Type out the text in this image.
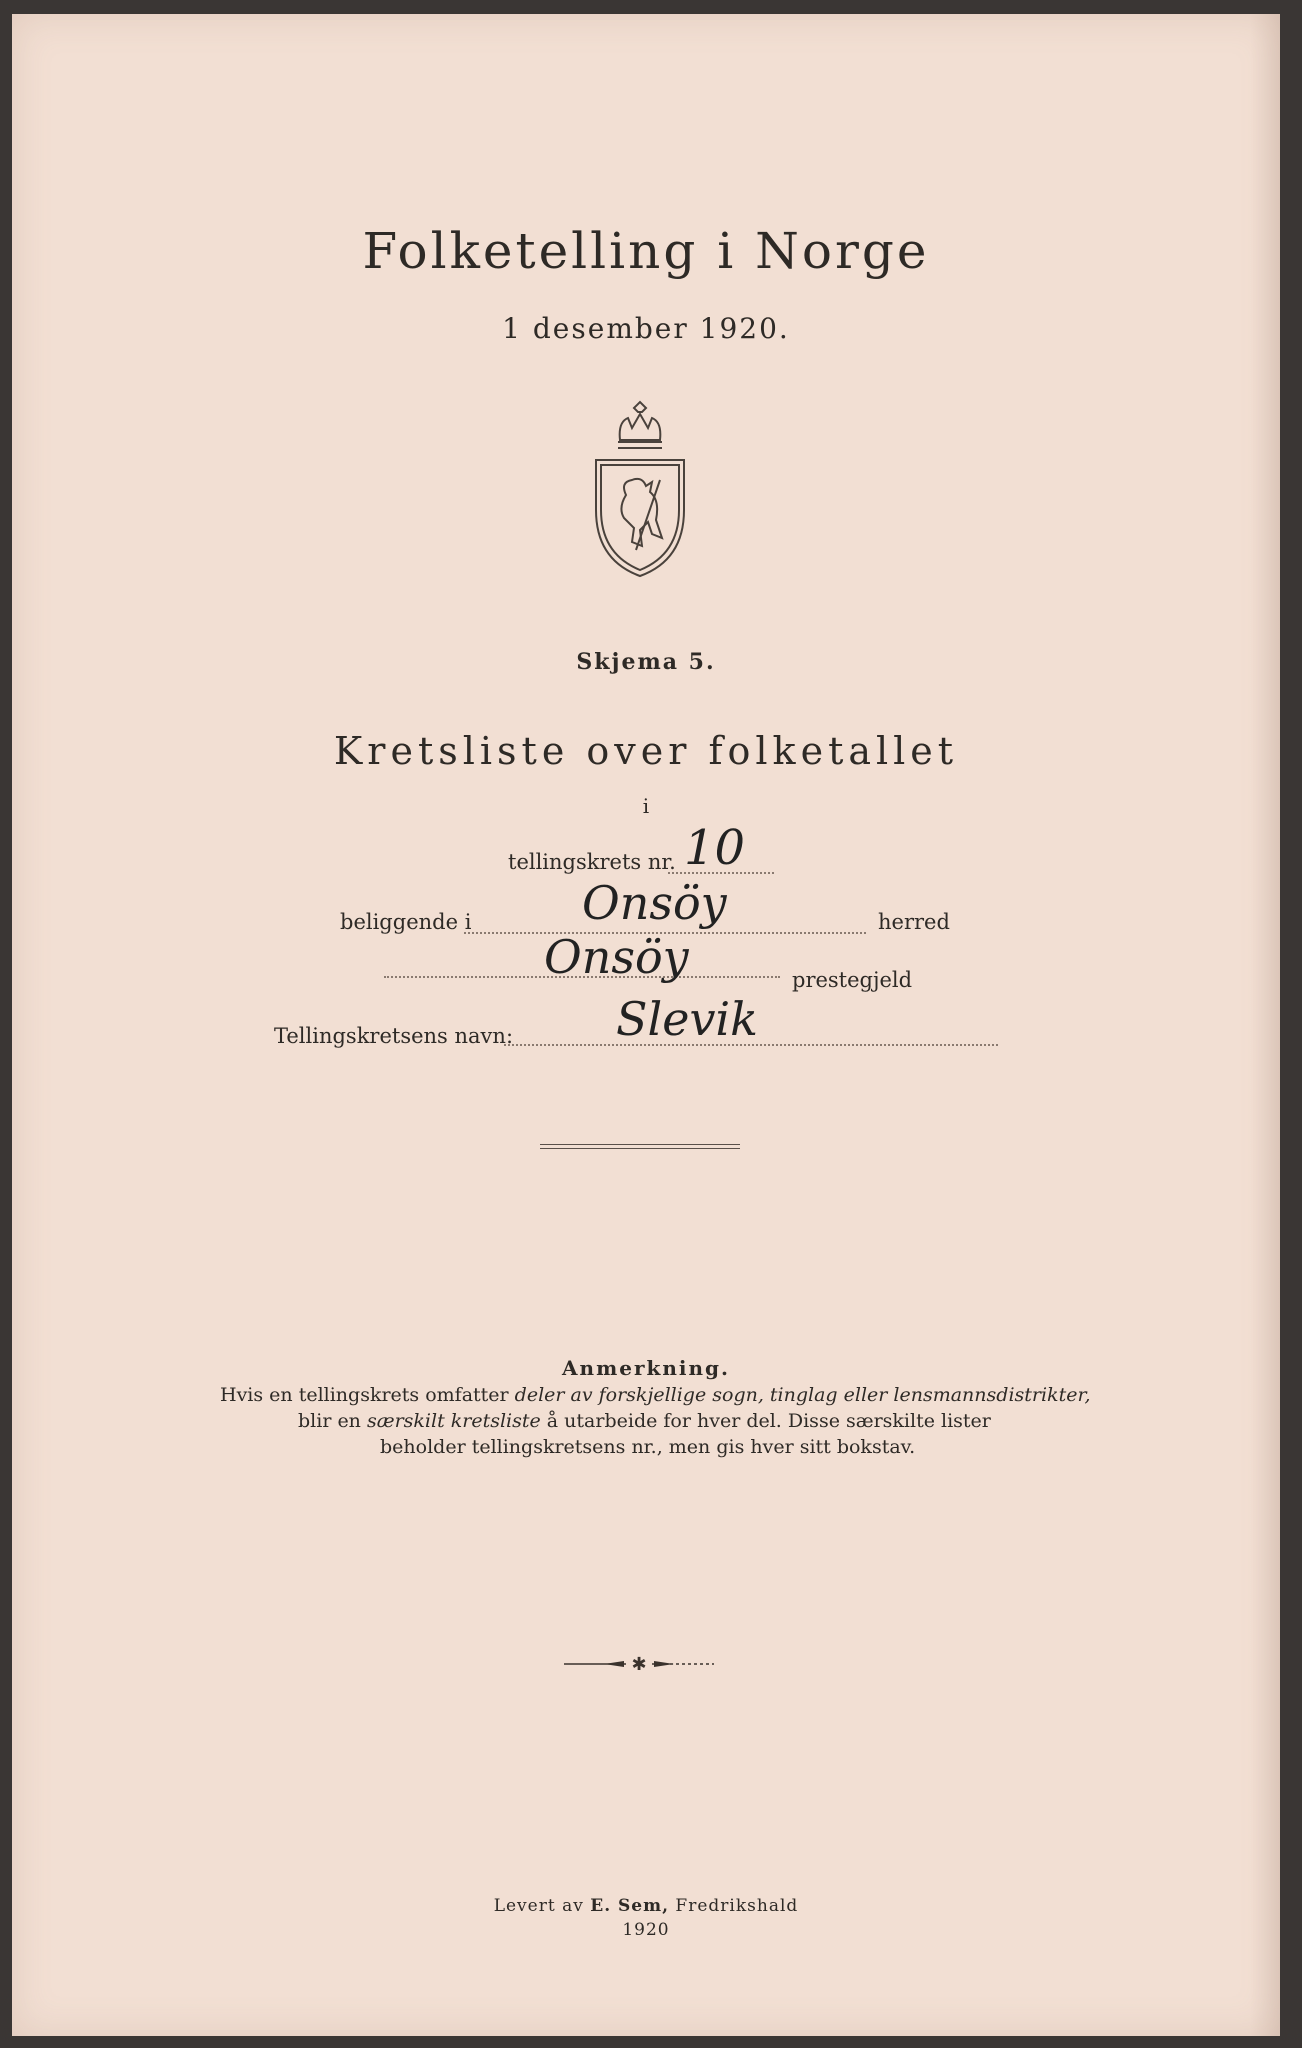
Folketelling i Norge
1 desember 1920.
Skjema 5.
Kretsliste over folketallet
i
tellingskrets nr. 10
beliggende i Onsöy	herred
Onsöy	prestegjeld
Tellingskretsens navn: Slevik
Anmerkning.
Hvis en tellingskrets omfatter deler av forskjellige sogn, tinglag eller lensmannsdistrikter,
blir en særskilt kretsliste å utarbeide for hver del. Disse særskilte lister
beholder tellingskretsens nr., men gis hver sitt bokstav.
✱
Levert av E. Sem, Fredrikshald
1920
